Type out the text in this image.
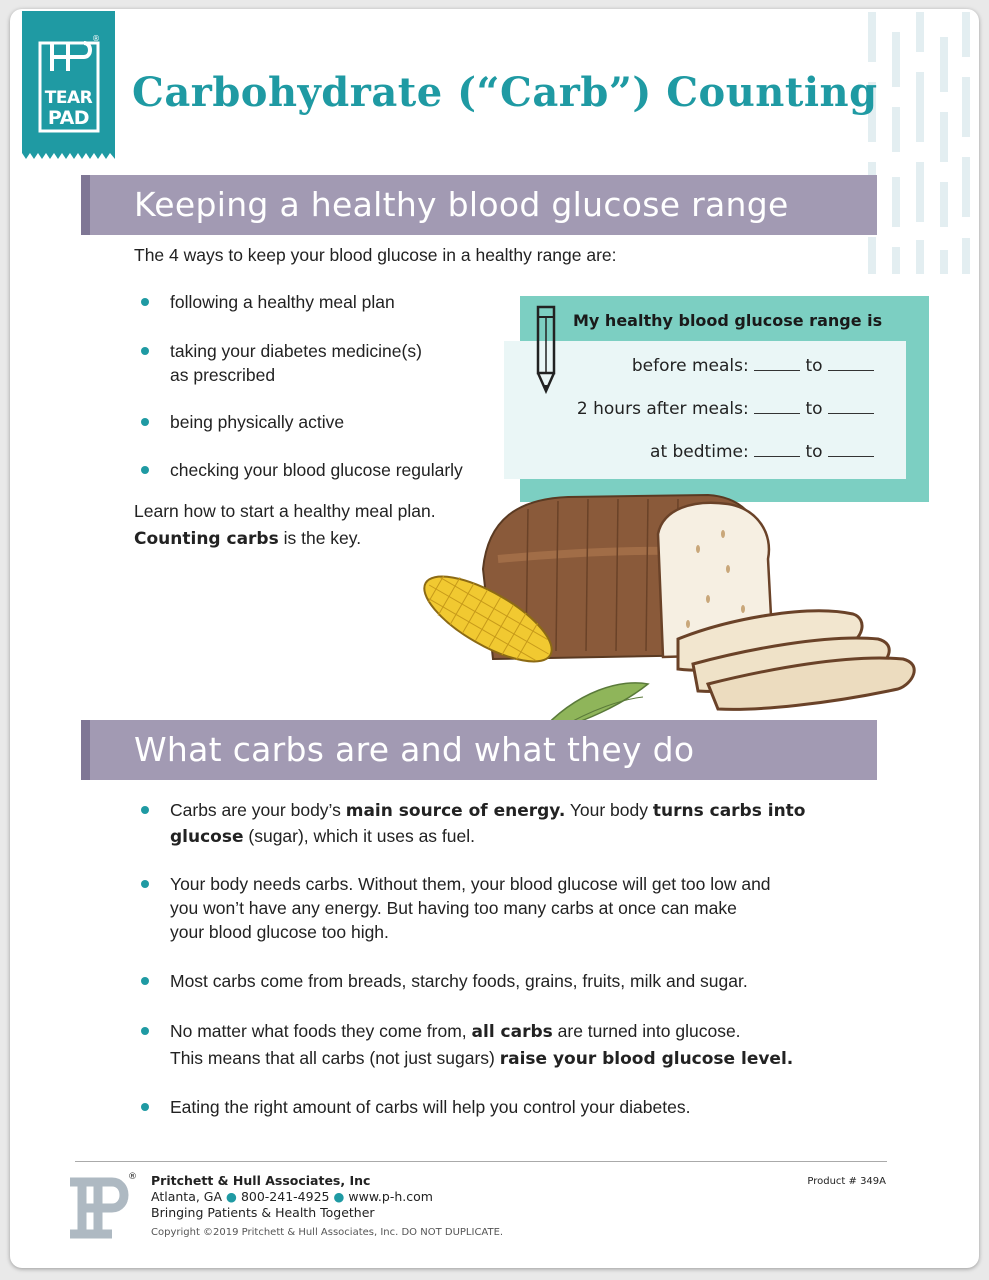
®
TEAR
PAD
Carbohydrate (“Carb”) Counting
Keeping a healthy blood glucose range
The 4 ways to keep your blood glucose in a healthy range are:
following a healthy meal plan
taking your diabetes medicine(s)
as prescribed
being physically active
checking your blood glucose regularly
Learn how to start a healthy meal plan.
Counting carbs is the key.
My healthy blood glucose range is
before meals:	to
2 hours after meals:	to
at bedtime:	to
What carbs are and what they do
Carbs are your body’s main source of energy. Your body turns carbs into
glucose (sugar), which it uses as fuel.
Your body needs carbs. Without them, your blood glucose will get too low and
you won’t have any energy. But having too many carbs at once can make
your blood glucose too high.
Most carbs come from breads, starchy foods, grains, fruits, milk and sugar.
No matter what foods they come from, all carbs are turned into glucose.
This means that all carbs (not just sugars) raise your blood glucose level.
Eating the right amount of carbs will help you control your diabetes.
® Pritchett & Hull Associates, Inc
Atlanta, GA ● 800-241-4925 ● www.p-h.com
Bringing Patients & Health Together
Copyright ©2019 Pritchett & Hull Associates, Inc. DO NOT DUPLICATE.
Product # 349A
